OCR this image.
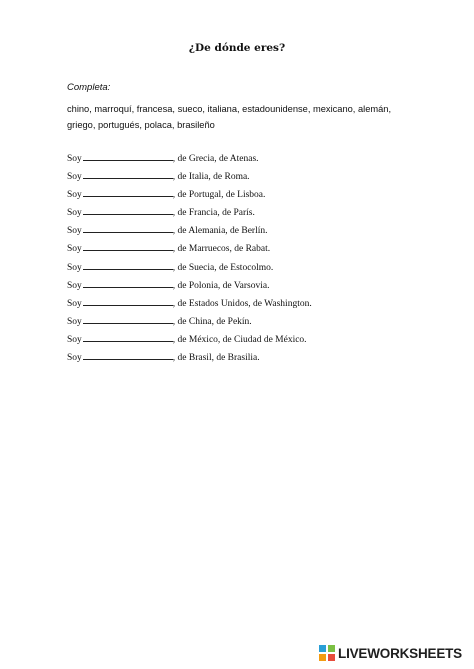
¿De dónde eres?
Completa:
chino, marroquí, francesa, sueco, italiana, estadounidense, mexicano, alemán, griego, portugués, polaca, brasileño
Soy	, de Grecia, de Atenas.
Soy	, de Italia, de Roma.
Soy	, de Portugal, de Lisboa.
Soy	, de Francia, de París.
Soy	, de Alemania, de Berlín.
Soy	, de Marruecos, de Rabat.
Soy	, de Suecia, de Estocolmo.
Soy	, de Polonia, de Varsovia.
Soy	, de Estados Unidos, de Washington.
Soy	, de China, de Pekín.
Soy	, de México, de Ciudad de México.
Soy	, de Brasil, de Brasilia.
LIVEWORKSHEETS
